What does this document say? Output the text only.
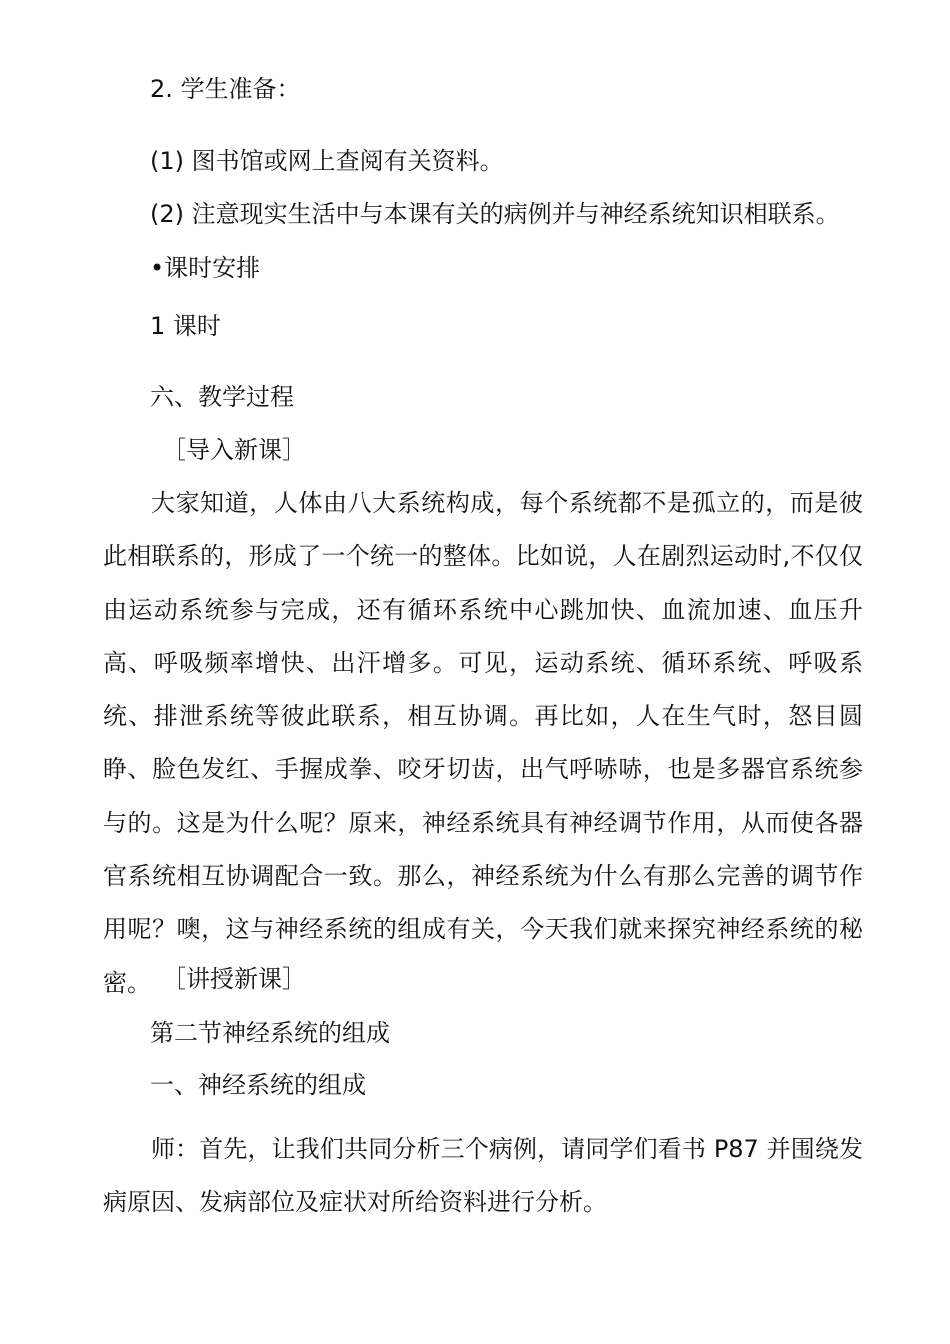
2. 学生准备：
(1) 图书馆或网上查阅有关资料。
(2) 注意现实生活中与本课有关的病例并与神经系统知识相联系。
•课时安排
1 课时
六、教学过程
［导入新课］
大家知道，人体由八大系统构成，每个系统都不是孤立的，而是彼此相联系的，形成了一个统一的整体。比如说，人在剧烈运动时,不仅仅由运动系统参与完成，还有循环系统中心跳加快、血流加速、血压升高、呼吸频率增快、出汗增多。可见，运动系统、循环系统、呼吸系统、排泄系统等彼此联系，相互协调。再比如，人在生气时，怒目圆睁、脸色发红、手握成拳、咬牙切齿，出气呼哧哧，也是多器官系统参与的。这是为什么呢？原来，神经系统具有神经调节作用，从而使各器官系统相互协调配合一致。那么，神经系统为什么有那么完善的调节作用呢？噢，这与神经系统的组成有关，今天我们就来探究神经系统的秘密。 ［讲授新课］
第二节神经系统的组成
一、神经系统的组成
师：首先，让我们共同分析三个病例，请同学们看书 P87 并围绕发病原因、发病部位及症状对所给资料进行分析。
